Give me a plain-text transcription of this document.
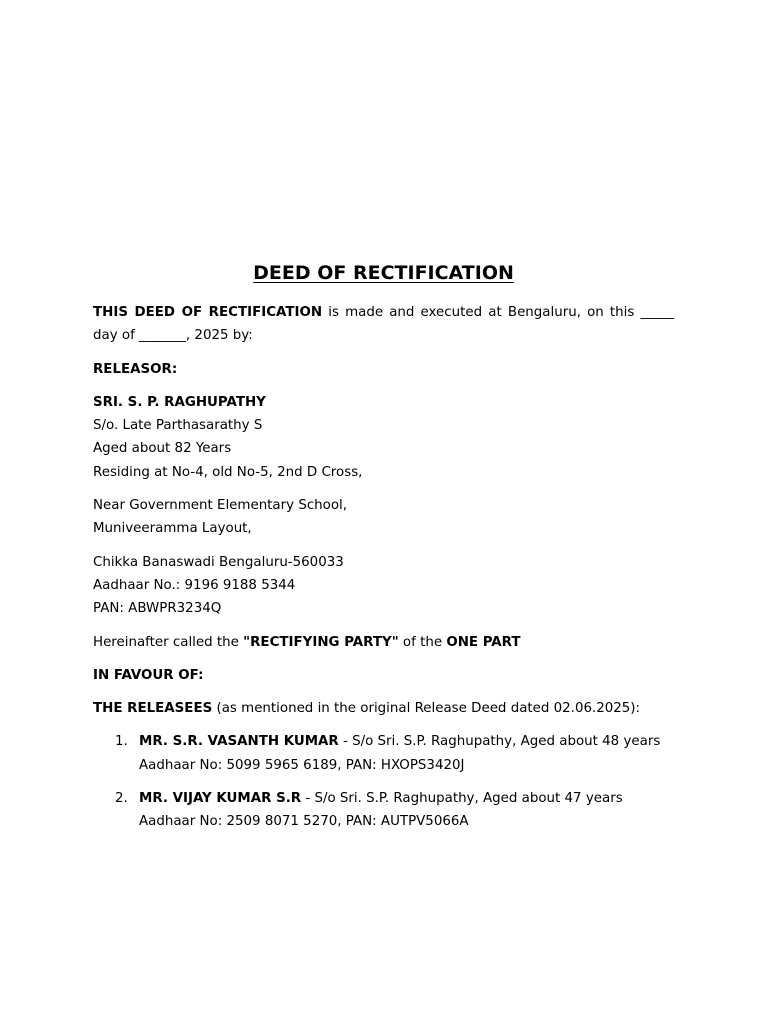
DEED OF RECTIFICATION

THIS DEED OF RECTIFICATION is made and executed at Bengaluru, on this _____ day of _______, 2025 by:

RELEASOR:

SRI. S. P. RAGHUPATHY

S/o. Late Parthasarathy S

Aged about 82 Years

Residing at No-4, old No-5, 2nd D Cross,

Near Government Elementary School,

Muniveeramma Layout,

Chikka Banaswadi Bengaluru-560033

Aadhaar No.: 9196 9188 5344

PAN: ABWPR3234Q

Hereinafter called the "RECTIFYING PARTY" of the ONE PART

IN FAVOUR OF:

THE RELEASEES (as mentioned in the original Release Deed dated 02.06.2025):

1. MR. S.R. VASANTH KUMAR - S/o Sri. S.P. Raghupathy, Aged about 48 years
Aadhaar No: 5099 5965 6189, PAN: HXOPS3420J
2. MR. VIJAY KUMAR S.R - S/o Sri. S.P. Raghupathy, Aged about 47 years
Aadhaar No: 2509 8071 5270, PAN: AUTPV5066A
